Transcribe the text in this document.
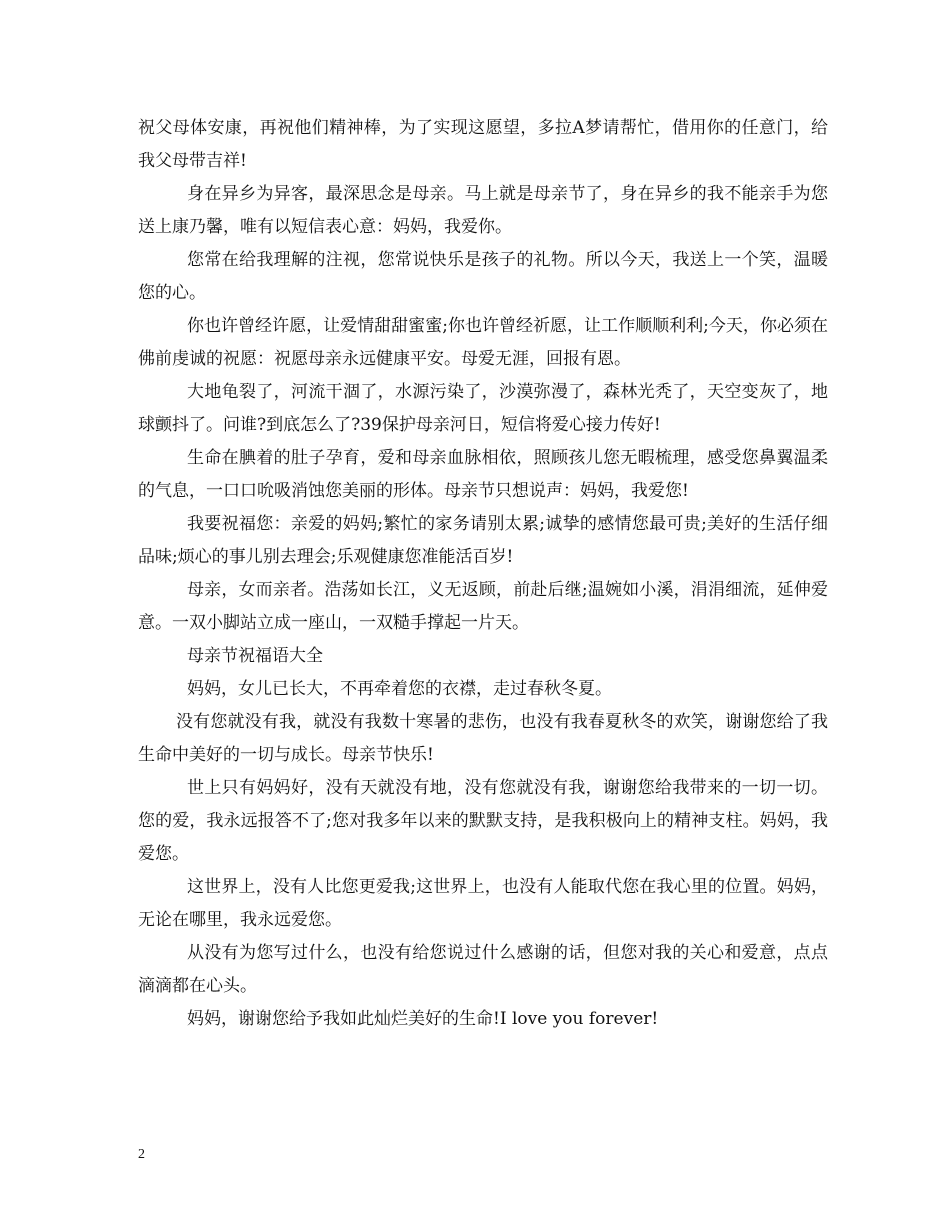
祝父母体安康，再祝他们精神棒，为了实现这愿望，多拉A梦请帮忙，借用你的任意门，给我父母带吉祥!

身在异乡为异客，最深思念是母亲。马上就是母亲节了，身在异乡的我不能亲手为您送上康乃馨，唯有以短信表心意：妈妈，我爱你。

您常在给我理解的注视，您常说快乐是孩子的礼物。所以今天，我送上一个笑，温暖您的心。

你也许曾经许愿，让爱情甜甜蜜蜜;你也许曾经祈愿，让工作顺顺利利;今天，你必须在佛前虔诚的祝愿：祝愿母亲永远健康平安。母爱无涯，回报有恩。

大地龟裂了，河流干涸了，水源污染了，沙漠弥漫了，森林光秃了，天空变灰了，地球颤抖了。问谁?到底怎么了?39保护母亲河日，短信将爱心接力传好!

生命在腆着的肚子孕育，爱和母亲血脉相依，照顾孩儿您无暇梳理，感受您鼻翼温柔的气息，一口口吮吸消蚀您美丽的形体。母亲节只想说声：妈妈，我爱您!

我要祝福您：亲爱的妈妈;繁忙的家务请别太累;诚挚的感情您最可贵;美好的生活仔细品味;烦心的事儿别去理会;乐观健康您准能活百岁!

母亲，女而亲者。浩荡如长江，义无返顾，前赴后继;温婉如小溪，涓涓细流，延伸爱意。一双小脚站立成一座山，一双糙手撑起一片天。

母亲节祝福语大全

妈妈，女儿已长大，不再牵着您的衣襟，走过春秋冬夏。

没有您就没有我，就没有我数十寒暑的悲伤，也没有我春夏秋冬的欢笑，谢谢您给了我生命中美好的一切与成长。母亲节快乐!

世上只有妈妈好，没有天就没有地，没有您就没有我，谢谢您给我带来的一切一切。您的爱，我永远报答不了;您对我多年以来的默默支持，是我积极向上的精神支柱。妈妈，我爱您。

这世界上，没有人比您更爱我;这世界上，也没有人能取代您在我心里的位置。妈妈，无论在哪里，我永远爱您。

从没有为您写过什么，也没有给您说过什么感谢的话，但您对我的关心和爱意，点点滴滴都在心头。

妈妈，谢谢您给予我如此灿烂美好的生命!I love you forever!

2
